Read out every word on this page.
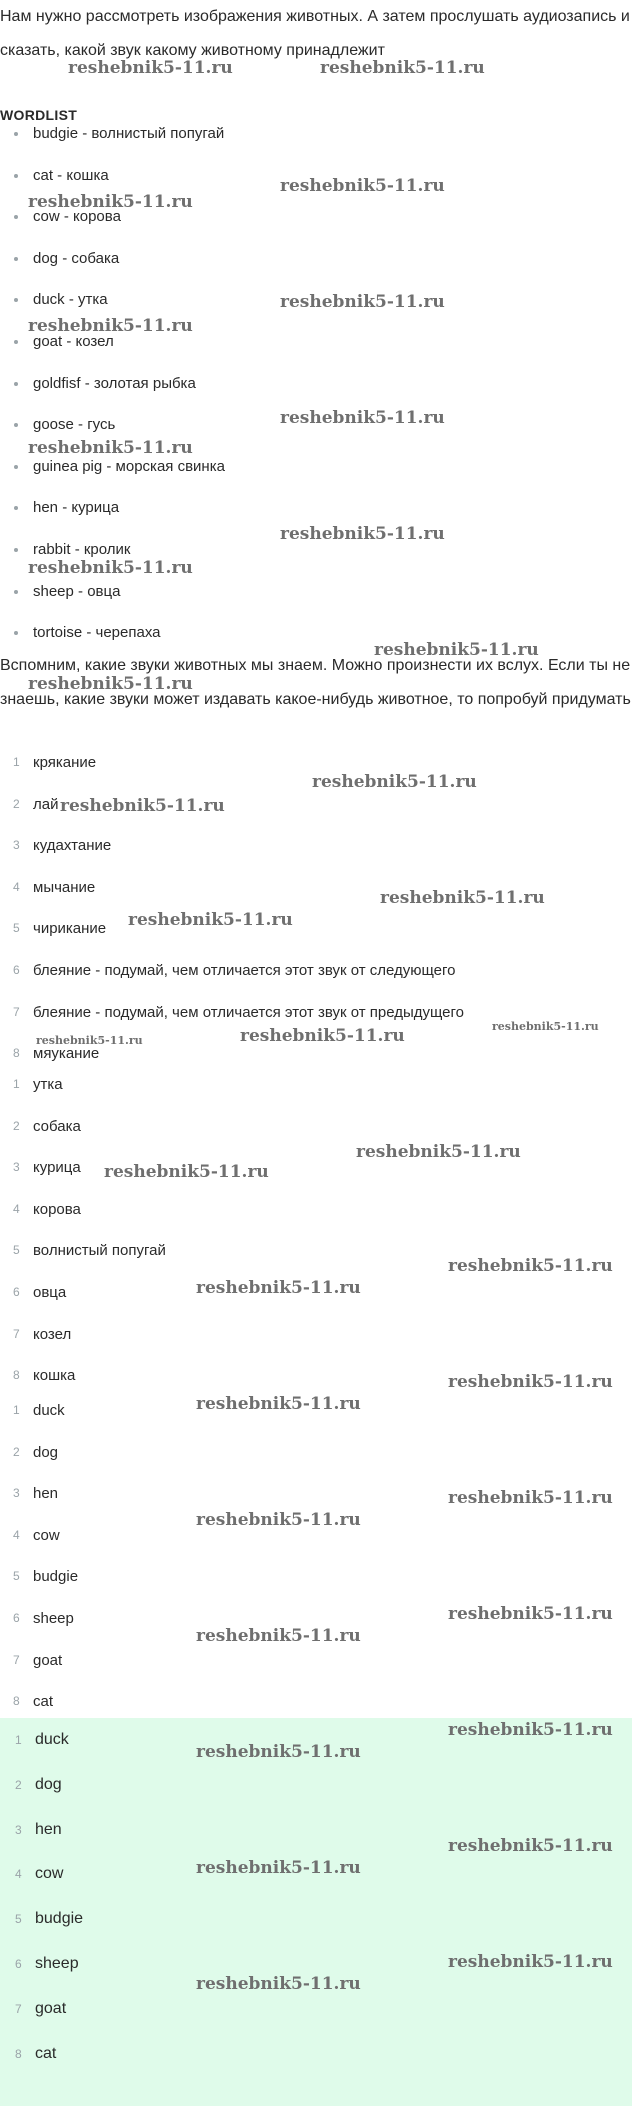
Нам нужно рассмотреть изображения животных. А затем прослушать аудиозапись и сказать, какой звук какому животному принадлежит

WORDLIST
budgie - волнистый попугай
cat - кошка
cow - корова
dog - собака
duck - утка
goat - козел
goldfisf - золотая рыбка
goose - гусь
guinea pig - морская свинка
hen - курица
rabbit - кролик
sheep - овца
tortoise - черепаха

Вспомним, какие звуки животных мы знаем. Можно произнести их вслух. Если ты не знаешь, какие звуки может издавать какое-нибудь животное, то попробуй придумать

1 крякание
2 лай
3 кудахтание
4 мычание
5 чирикание
6 блеяние - подумай, чем отличается этот звук от следующего
7 блеяние - подумай, чем отличается этот звук от предыдущего
8 мяукание
1 утка
2 собака
3 курица
4 корова
5 волнистый попугай
6 овца
7 козел
8 кошка
1 duck
2 dog
3 hen
4 cow
5 budgie
6 sheep
7 goat
8 cat
1 duck
2 dog
3 hen
4 cow
5 budgie
6 sheep
7 goat
8 cat
reshebnik5-11.ru	reshebnik5-11.ru
reshebnik5-11.ru
reshebnik5-11.ru
reshebnik5-11.ru
reshebnik5-11.ru
reshebnik5-11.ru
reshebnik5-11.ru
reshebnik5-11.ru
reshebnik5-11.ru
reshebnik5-11.ru
reshebnik5-11.ru
reshebnik5-11.ru
reshebnik5-11.ru
reshebnik5-11.ru
reshebnik5-11.ru
reshebnik5-11.ru	reshebnik5-11.ru	reshebnik5-11.ru
reshebnik5-11.ru
reshebnik5-11.ru
reshebnik5-11.ru
reshebnik5-11.ru
reshebnik5-11.ru
reshebnik5-11.ru
reshebnik5-11.ru
reshebnik5-11.ru
reshebnik5-11.ru
reshebnik5-11.ru
reshebnik5-11.ru
reshebnik5-11.ru
reshebnik5-11.ru
reshebnik5-11.ru
reshebnik5-11.ru
reshebnik5-11.ru
